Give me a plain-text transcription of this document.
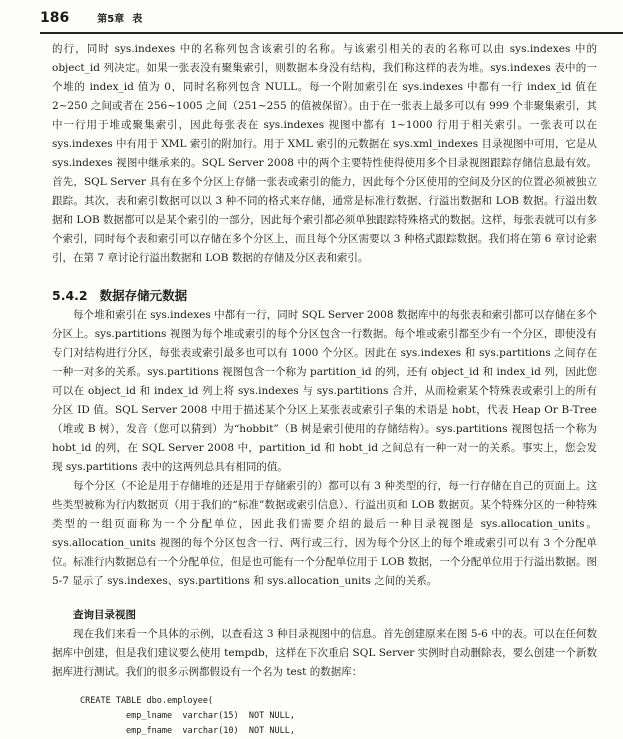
186	第5章 表

的行，同时 sys.indexes 中的名称列包含该索引的名称。与该索引相关的表的名称可以由 sys.indexes 中的 object_id 列决定。如果一张表没有聚集索引，则数据本身没有结构，我们称这样的表为堆。sys.indexes 表中的一个堆的 index_id 值为 0，同时名称列包含 NULL。每一个附加索引在 sys.indexes 中都有一行 index_id 值在 2~250 之间或者在 256~1005 之间（251~255 的值被保留）。由于在一张表上最多可以有 999 个非聚集索引，其中一行用于堆或聚集索引，因此每张表在 sys.indexes 视图中都有 1~1000 行用于相关索引。一张表可以在 sys.indexes 中有用于 XML 索引的附加行。用于 XML 索引的元数据在 sys.xml_indexes 目录视图中可用，它是从 sys.indexes 视图中继承来的。SQL Server 2008 中的两个主要特性使得使用多个目录视图跟踪存储信息最有效。首先，SQL Server 具有在多个分区上存储一张表或索引的能力，因此每个分区使用的空间及分区的位置必须被独立跟踪。其次，表和索引数据可以以 3 种不同的格式来存储，通常是标准行数据、行溢出数据和 LOB 数据。行溢出数据和 LOB 数据都可以是某个索引的一部分，因此每个索引都必须单独跟踪特殊格式的数据。这样，每张表就可以有多个索引，同时每个表和索引可以存储在多个分区上，而且每个分区需要以 3 种格式跟踪数据。我们将在第 6 章讨论索引，在第 7 章讨论行溢出数据和 LOB 数据的存储及分区表和索引。

5.4.2 数据存储元数据

每个堆和索引在 sys.indexes 中都有一行，同时 SQL Server 2008 数据库中的每张表和索引都可以存储在多个分区上。sys.partitions 视图为每个堆或索引的每个分区包含一行数据。每个堆或索引都至少有一个分区，即使没有专门对结构进行分区，每张表或索引最多也可以有 1000 个分区。因此在 sys.indexes 和 sys.partitions 之间存在一种一对多的关系。sys.partitions 视图包含一个称为 partition_id 的列，还有 object_id 和 index_id 列，因此您可以在 object_id 和 index_id 列上将 sys.indexes 与 sys.partitions 合并，从而检索某个特殊表或索引上的所有分区 ID 值。SQL Server 2008 中用于描述某个分区上某张表或索引子集的术语是 hobt，代表 Heap Or B-Tree（堆或 B 树），发音（您可以猜到）为“hobbit”（B 树是索引使用的存储结构）。sys.partitions 视图包括一个称为 hobt_id 的列，在 SQL Server 2008 中，partition_id 和 hobt_id 之间总有一种一对一的关系。事实上，您会发现 sys.partitions 表中的这两列总具有相同的值。

每个分区（不论是用于存储堆的还是用于存储索引的）都可以有 3 种类型的行，每一行存储在自己的页面上。这些类型被称为行内数据页（用于我们的“标准”数据或索引信息）、行溢出页和 LOB 数据页。某个特殊分区的一种特殊类型的一组页面称为一个分配单位，因此我们需要介绍的最后一种目录视图是 sys.allocation_units。sys.allocation_units 视图的每个分区包含一行、两行或三行，因为每个分区上的每个堆或索引可以有 3 个分配单位。标准行内数据总有一个分配单位，但是也可能有一个分配单位用于 LOB 数据，一个分配单位用于行溢出数据。图 5-7 显示了 sys.indexes、sys.partitions 和 sys.allocation_units 之间的关系。

查询目录视图

现在我们来看一个具体的示例，以查看这 3 种目录视图中的信息。首先创建原来在图 5-6 中的表。可以在任何数据库中创建，但是我们建议要么使用 tempdb，这样在下次重启 SQL Server 实例时自动删除表，要么创建一个新数据库进行测试。我们的很多示例都假设有一个名为 test 的数据库：

CREATE TABLE dbo.employee(
emp_lname  varchar(15)  NOT NULL,
emp_fname  varchar(10)  NOT NULL,
